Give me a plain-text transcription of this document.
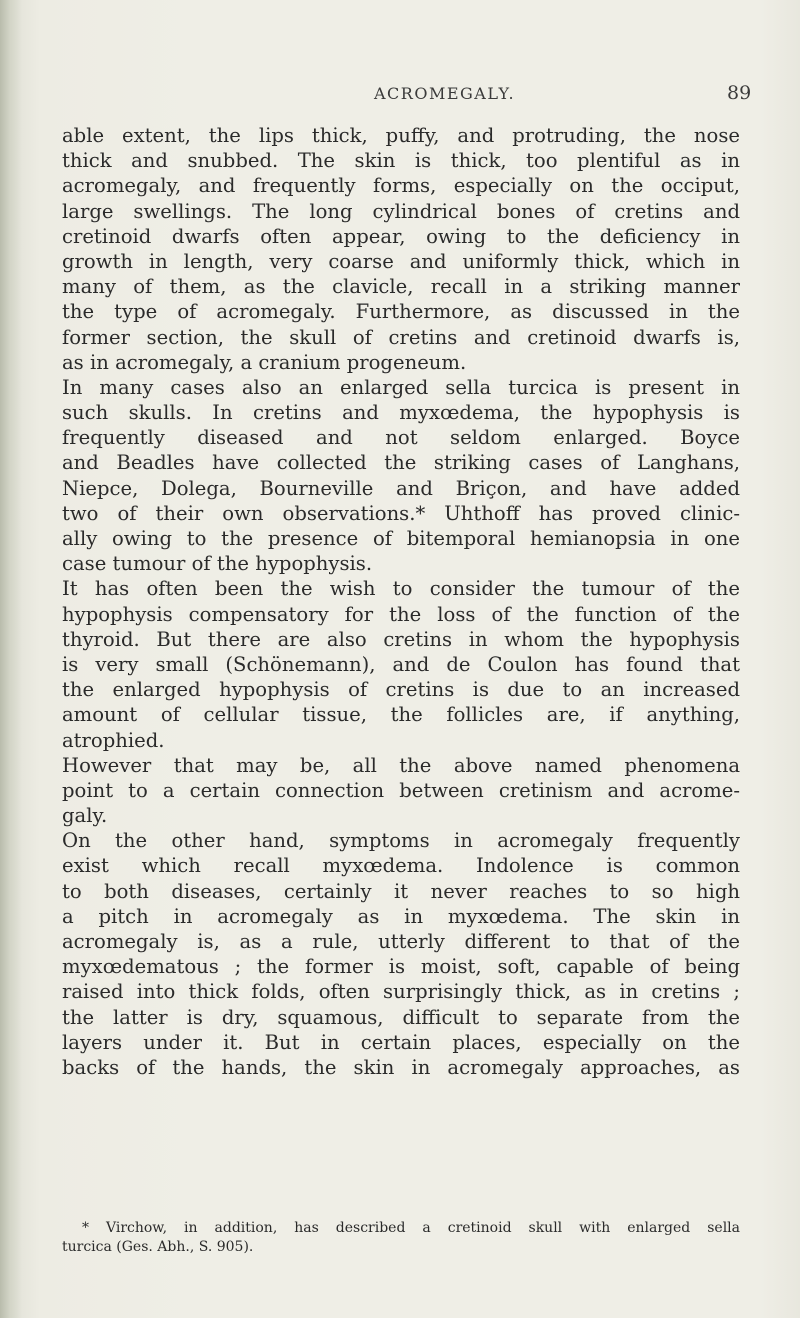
ACROMEGALY.	89
able extent, the lips thick, puffy, and protruding, the nose
thick and snubbed. The skin is thick, too plentiful as in
acromegaly, and frequently forms, especially on the occiput,
large swellings. The long cylindrical bones of cretins and
cretinoid dwarfs often appear, owing to the deficiency in
growth in length, very coarse and uniformly thick, which in
many of them, as the clavicle, recall in a striking manner
the type of acromegaly. Furthermore, as discussed in the
former section, the skull of cretins and cretinoid dwarfs is,
as in acromegaly, a cranium progeneum.
In many cases also an enlarged sella turcica is present in
such skulls. In cretins and myxœdema, the hypophysis is
frequently diseased and not seldom enlarged. Boyce
and Beadles have collected the striking cases of Langhans,
Niepce, Dolega, Bourneville and Briçon, and have added
two of their own observations.* Uhthoff has proved clinic-
ally owing to the presence of bitemporal hemianopsia in one
case tumour of the hypophysis.
It has often been the wish to consider the tumour of the
hypophysis compensatory for the loss of the function of the
thyroid. But there are also cretins in whom the hypophysis
is very small (Schönemann), and de Coulon has found that
the enlarged hypophysis of cretins is due to an increased
amount of cellular tissue, the follicles are, if anything,
atrophied.
However that may be, all the above named phenomena
point to a certain connection between cretinism and acrome-
galy.
On the other hand, symptoms in acromegaly frequently
exist which recall myxœdema. Indolence is common
to both diseases, certainly it never reaches to so high
a pitch in acromegaly as in myxœdema. The skin in
acromegaly is, as a rule, utterly different to that of the
myxœdematous ; the former is moist, soft, capable of being
raised into thick folds, often surprisingly thick, as in cretins ;
the latter is dry, squamous, difficult to separate from the
layers under it. But in certain places, especially on the
backs of the hands, the skin in acromegaly approaches, as
* Virchow, in addition, has described a cretinoid skull with enlarged sella
turcica (Ges. Abh., S. 905).
